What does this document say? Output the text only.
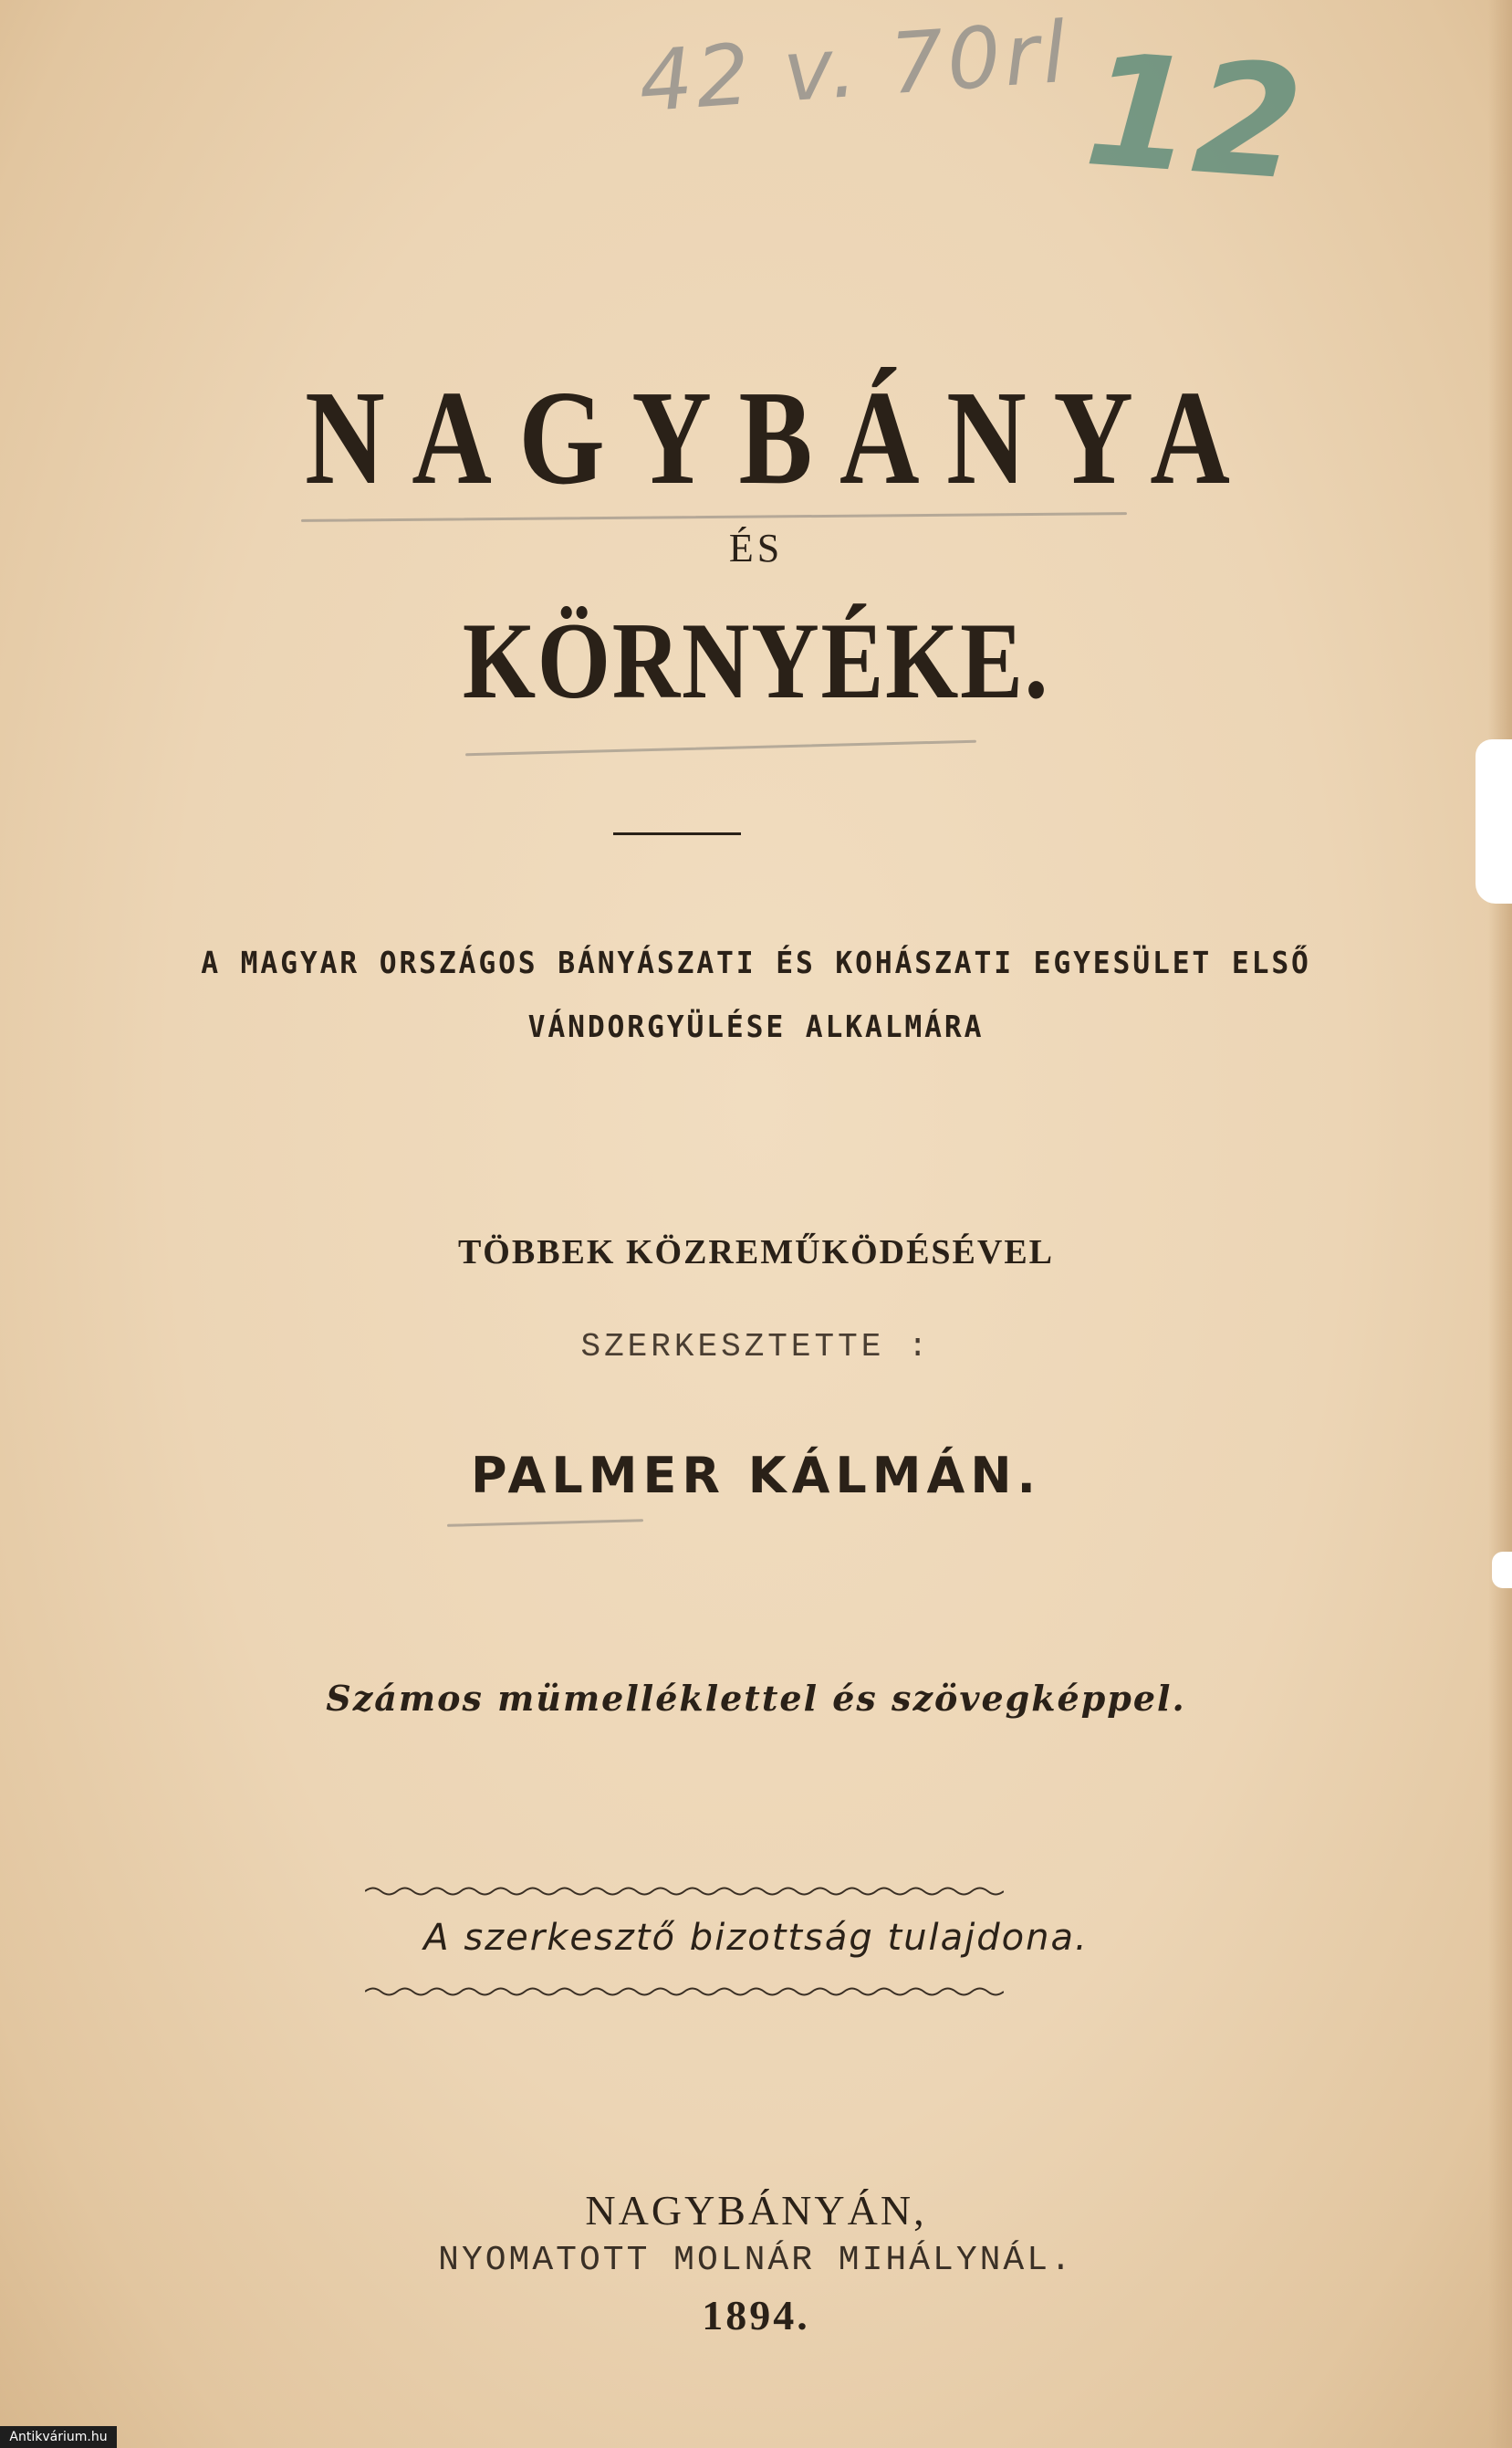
42 v. 70rl 12
NAGYBÁNYA
ÉS
KÖRNYÉKE.
A MAGYAR ORSZÁGOS BÁNYÁSZATI ÉS KOHÁSZATI EGYESÜLET ELSŐ
VÁNDORGYÜLÉSE ALKALMÁRA
TÖBBEK KÖZREMŰKÖDÉSÉVEL
SZERKESZTETTE :
PALMER KÁLMÁN.
Számos mümelléklettel és szövegképpel.
A szerkesztő bizottság tulajdona.
NAGYBÁNYÁN,
NYOMATOTT MOLNÁR MIHÁLYNÁL.
1894.
Antikvárium.hu
